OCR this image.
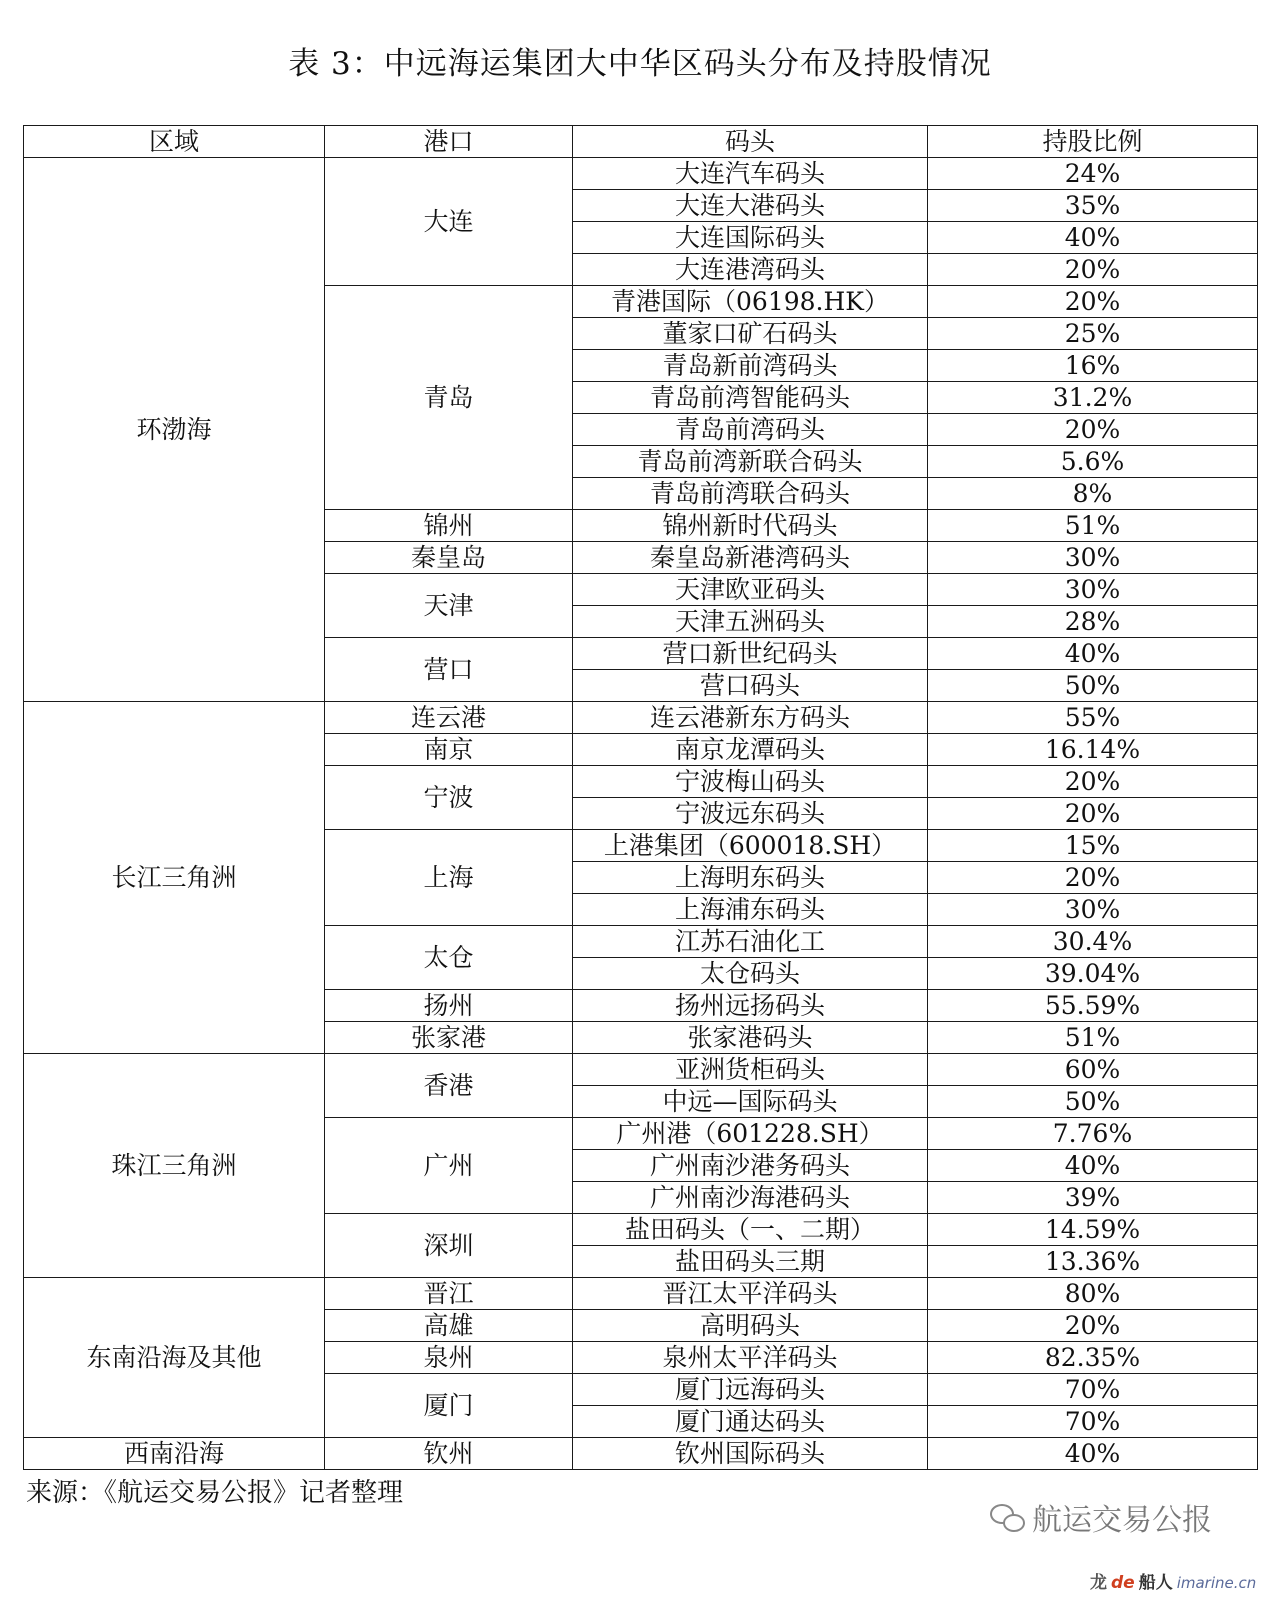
表 3：中远海运集团大中华区码头分布及持股情况
区域	港口	码头	持股比例
环渤海	大连	大连汽车码头	24%
		大连大港码头	35%
		大连国际码头	40%
		大连港湾码头	20%
	青岛	青港国际（06198.HK）	20%
		董家口矿石码头	25%
		青岛新前湾码头	16%
		青岛前湾智能码头	31.2%
		青岛前湾码头	20%
		青岛前湾新联合码头	5.6%
		青岛前湾联合码头	8%
	锦州	锦州新时代码头	51%
	秦皇岛	秦皇岛新港湾码头	30%
	天津	天津欧亚码头	30%
		天津五洲码头	28%
	营口	营口新世纪码头	40%
		营口码头	50%
长江三角洲	连云港	连云港新东方码头	55%
	南京	南京龙潭码头	16.14%
	宁波	宁波梅山码头	20%
		宁波远东码头	20%
	上海	上港集团（600018.SH）	15%
		上海明东码头	20%
		上海浦东码头	30%
	太仓	江苏石油化工	30.4%
		太仓码头	39.04%
	扬州	扬州远扬码头	55.59%
	张家港	张家港码头	51%
珠江三角洲	香港	亚洲货柜码头	60%
		中远—国际码头	50%
	广州	广州港（601228.SH）	7.76%
		广州南沙港务码头	40%
		广州南沙海港码头	39%
	深圳	盐田码头（一、二期）	14.59%
		盐田码头三期	13.36%
东南沿海及其他	晋江	晋江太平洋码头	80%
	高雄	高明码头	20%
	泉州	泉州太平洋码头	82.35%
	厦门	厦门远海码头	70%
		厦门通达码头	70%
西南沿海	钦州	钦州国际码头	40%
来源：《航运交易公报》记者整理
航运交易公报
龙 de 船人 imarine.cn
